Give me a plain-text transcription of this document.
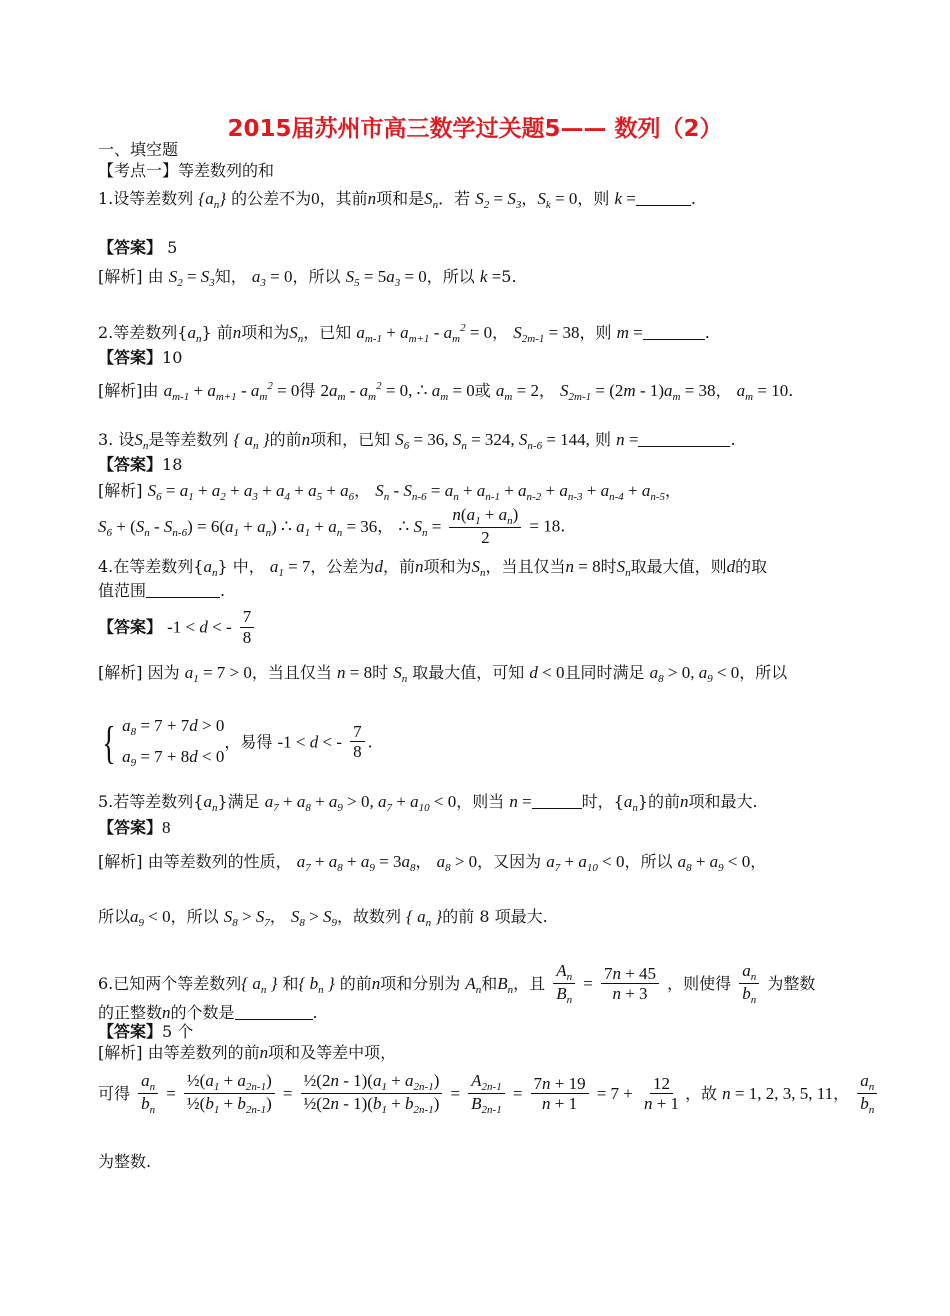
2015届苏州市高三数学过关题5—— 数列（2）
一、填空题
【考点一】等差数列的和
1.设等差数列 $\{a_n\}$ 的公差不为0，其前n项和是$S_n$．若 $S_2 = S_3$，$S_k = 0$，则 k =	.
【答案】 5
[解析] 由 $S_2 = S_3$知， $a_3 = 0$，所以 $S_5 = 5a_3 = 0$，所以 k =5.
2.等差数列$\{a_n\}$ 前n项和为$S_n$，已知 $a_{m-1} + a_{m+1} - a_m^2 = 0$， $S_{2m-1} = 38$，则 m =	.
【答案】10
[解析]由 $a_{m-1} + a_{m+1} - a_m^2 = 0$得 $2a_m - a_m^2 = 0$, ∴ $a_m = 0$或 $a_m = 2$， $S_{2m-1} = (2m - 1)a_m = 38$， $a_m = 10$.
3. 设$S_n$是等差数列 { $a_n$ }的前n项和，已知 $S_6 = 36$, $S_n = 324$, $S_{n-6} = 144$, 则 n =	.
【答案】18
[解析] $S_6 = a_1 + a_2 + a_3 + a_4 + a_5 + a_6$， $S_n - S_{n-6} = a_n + a_{n-1} + a_{n-2} + a_{n-3} + a_{n-4} + a_{n-5}$，
$S_6 + (S_n - S_{n-6}) = 6(a_1 + a_n)$ ∴ $a_1 + a_n = 36$， ∴ $S_n = \frac{n(a_1 + a_n)}{2} = 18$.
4.在等差数列$\{a_n\}$ 中， $a_1 = 7$，公差为d，前n项和为$S_n$，当且仅当n = 8时$S_n$取最大值，则d的取
值范围	.
【答案】 -1 < d < - $\frac{7}{8}$
[解析] 因为 $a_1 = 7 > 0$，当且仅当 n = 8时 $S_n$ 取最大值，可知 d < 0且同时满足 $a_8 > 0$, $a_9 < 0$，所以
{ $a_8 = 7 + 7d > 0$
$a_9 = 7 + 8d < 0$
，易得 -1 < d < - $\frac{7}{8}$ .
5.若等差数列$\{a_n\}$满足 $a_7 + a_8 + a_9 > 0$, $a_7 + a_{10} < 0$，则当 n =	时，$\{a_n\}$的前n项和最大.
【答案】8
[解析] 由等差数列的性质， $a_7 + a_8 + a_9 = 3a_8$， $a_8 > 0$，又因为 $a_7 + a_{10} < 0$，所以 $a_8 + a_9 < 0$，
所以$a_9 < 0$，所以 $S_8 > S_7$， $S_8 > S_9$，故数列 { $a_n$ }的前 8 项最大.
6.已知两个等差数列{ $a_n$ } 和{ $b_n$ } 的前n项和分别为 $A_n$和$B_n$，且 $\frac{A_n}{B_n} = \frac{7n + 45}{n + 3}$ ，则使得 $\frac{a_n}{b_n}$ 为整数
的正整数n的个数是	.
【答案】5 个
[解析] 由等差数列的前n项和及等差中项，
可得 $\frac{a_n}{b_n} = \frac{\frac{1}{2}(a_1 + a_{2n-1})}{\frac{1}{2}(b_1 + b_{2n-1})} = \frac{\frac{1}{2}(2n - 1)(a_1 + a_{2n-1})}{\frac{1}{2}(2n - 1)(b_1 + b_{2n-1})} = \frac{A_{2n-1}}{B_{2n-1}} = \frac{7n + 19}{n + 1} = 7 + \frac{12}{n + 1}$ ，故 n = 1, 2, 3, 5, 11， $\frac{a_n}{b_n}$
为整数.
